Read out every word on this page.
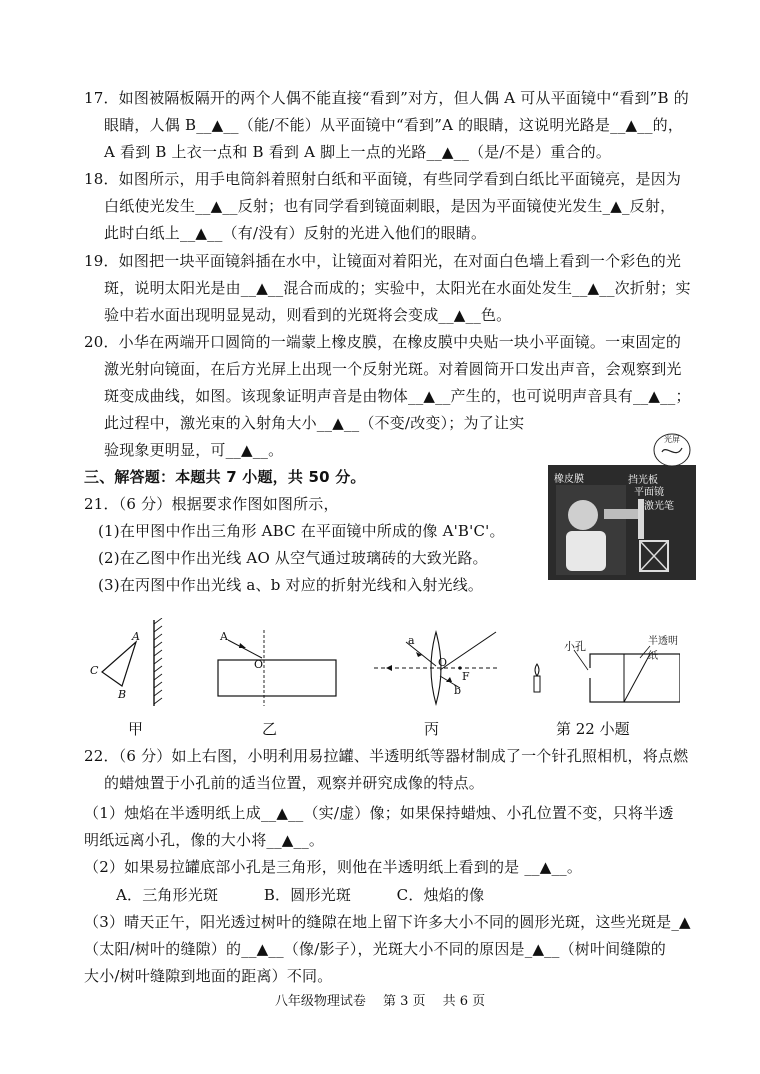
17．如图被隔板隔开的两个人偶不能直接“看到”对方，但人偶 A 可从平面镜中“看到”B 的
眼睛，人偶 B__▲__（能/不能）从平面镜中“看到”A 的眼睛，这说明光路是__▲__的，
A 看到 B 上衣一点和 B 看到 A 脚上一点的光路__▲__（是/不是）重合的。
18．如图所示，用手电筒斜着照射白纸和平面镜，有些同学看到白纸比平面镜亮，是因为
白纸使光发生__▲__反射；也有同学看到镜面刺眼，是因为平面镜使光发生_▲_反射，
此时白纸上__▲__（有/没有）反射的光进入他们的眼睛。
19．如图把一块平面镜斜插在水中，让镜面对着阳光，在对面白色墙上看到一个彩色的光
斑，说明太阳光是由__▲__混合而成的；实验中，太阳光在水面处发生__▲__次折射；实
验中若水面出现明显晃动，则看到的光斑将会变成__▲__色。
20．小华在两端开口圆筒的一端蒙上橡皮膜，在橡皮膜中央贴一块小平面镜。一束固定的
激光射向镜面，在后方光屏上出现一个反射光斑。对着圆筒开口发出声音，会观察到光
斑变成曲线，如图。该现象证明声音是由物体__▲__产生的，也可说明声音具有__▲__；
此过程中，激光束的入射角大小__▲__（不变/改变）；为了让实
验现象更明显，可__▲__。
三、解答题：本题共 7 小题，共 50 分。
21．（6 分）根据要求作图如图所示，
(1)在甲图中作出三角形 ABC 在平面镜中所成的像 A'B'C'。
(2)在乙图中作出光线 AO 从空气通过玻璃砖的大致光路。
(3)在丙图中作出光线 a、b 对应的折射光线和入射光线。
橡皮膜	挡光板
平面镜
激光笔
光屏
A
C
B
甲
A
O
乙
a
O
F
b
丙
小孔	半透明纸
第 22 小题
22．（6 分）如上右图，小明利用易拉罐、半透明纸等器材制成了一个针孔照相机，将点燃
的蜡烛置于小孔前的适当位置，观察并研究成像的特点。
（1）烛焰在半透明纸上成__▲__（实/虚）像；如果保持蜡烛、小孔位置不变，只将半透
明纸远离小孔，像的大小将__▲__。
（2）如果易拉罐底部小孔是三角形，则他在半透明纸上看到的是 __▲__。
A．三角形光斑　　　B．圆形光斑　　　C．烛焰的像
（3）晴天正午，阳光透过树叶的缝隙在地上留下许多大小不同的圆形光斑，这些光斑是_▲
（太阳/树叶的缝隙）的__▲__（像/影子），光斑大小不同的原因是_▲__（树叶间缝隙的
大小/树叶缝隙到地面的距离）不同。
八年级物理试卷　 第 3 页　 共 6 页
